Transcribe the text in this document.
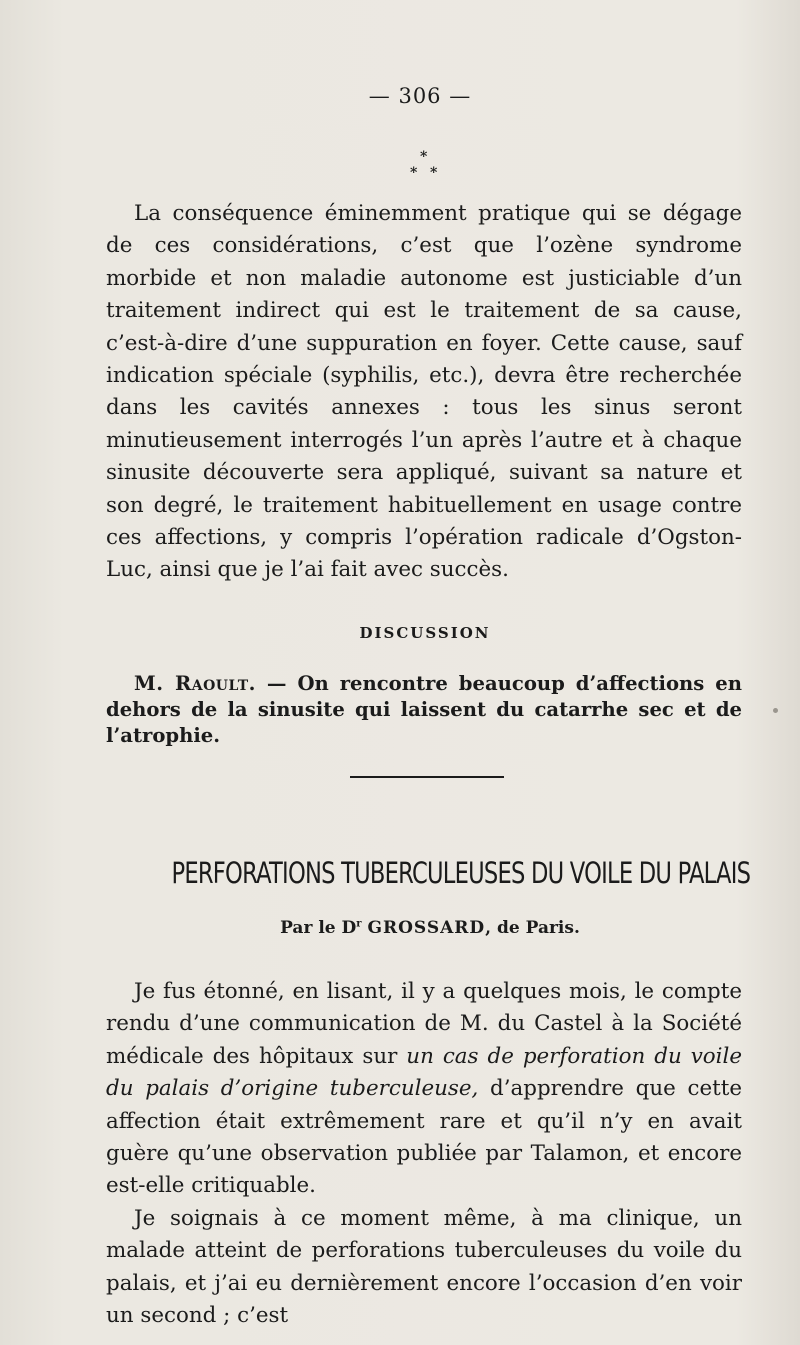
— 306 —
*
* *

La conséquence éminemment pratique qui se dégage de ces considérations, c’est que l’ozène syndrome morbide et non maladie autonome est justiciable d’un traitement indirect qui est le traitement de sa cause, c’est-à-dire d’une suppuration en foyer. Cette cause, sauf indication spéciale (syphilis, etc.), devra être recherchée dans les cavités annexes : tous les sinus seront minutieusement interrogés l’un après l’autre et à chaque sinusite découverte sera appliqué, suivant sa nature et son degré, le traitement habituellement en usage contre ces affections, y compris l’opération radicale d’Ogston-Luc, ainsi que je l’ai fait avec succès.

DISCUSSION

M. Raoult. — On rencontre beaucoup d’affections en dehors de la sinusite qui laissent du catarrhe sec et de l’atrophie.

PERFORATIONS TUBERCULEUSES DU VOILE DU PALAIS
Par le $D^r$ GROSSARD, de Paris.

Je fus étonné, en lisant, il y a quelques mois, le compte rendu d’une communication de M. du Castel à la Société médicale des hôpitaux sur un cas de perforation du voile du palais d’origine tuberculeuse, d’apprendre que cette affection était extrêmement rare et qu’il n’y en avait guère qu’une observation publiée par Talamon, et encore est-elle critiquable.

Je soignais à ce moment même, à ma clinique, un malade atteint de perforations tuberculeuses du voile du palais, et j’ai eu dernièrement encore l’occasion d’en voir un second ; c’est
